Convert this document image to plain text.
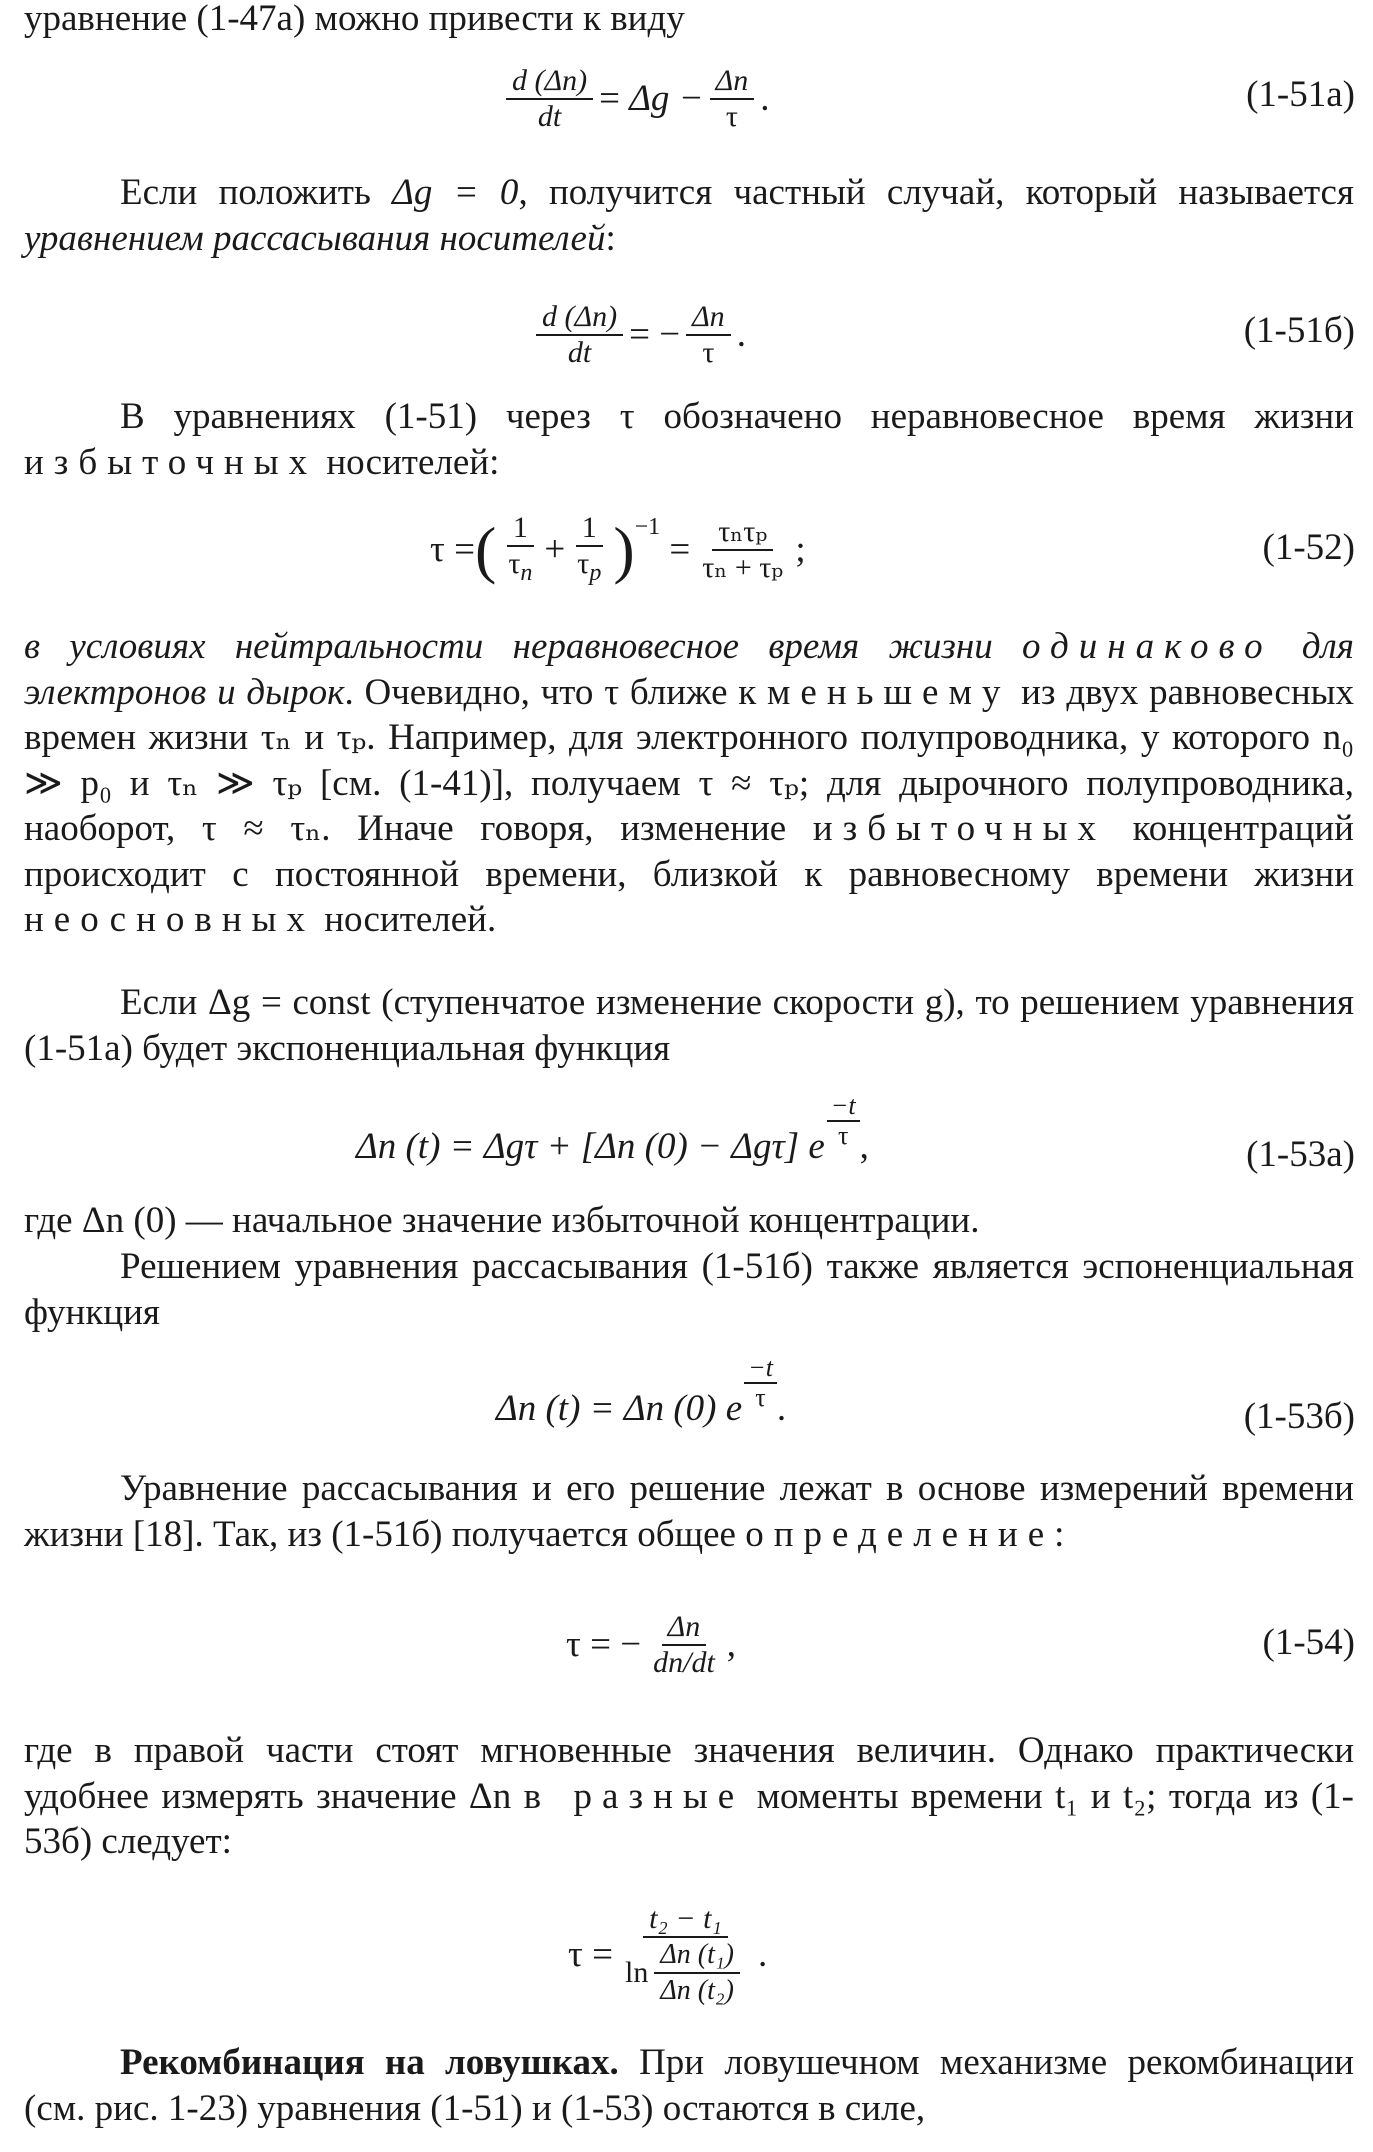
уравнение (1-47а) можно привести к виду

$\frac{d (\Delta n)}{dt}$ =
$\Delta g - \frac{\Delta n}{\tau}$ .	(1-51а)

Если положить Δg = 0, получится частный случай, который называется уравнением рассасывания носителей:

$\frac{d (\Delta n)}{dt}$ = − $\frac{\Delta n}{\tau}$ .	(1-51б)

В уравнениях (1-51) через τ обозначено неравновесное время жизни избыточных носителей:

τ = ( $\frac{1}{\tau_n} + \frac{1}{\tau_p} )^{-1}$

= $\frac{\text{τₙτₚ}}{\text{τₙ + τₚ}}$ ;	(1-52)

в условиях нейтральности неравновесное время жизни одинаково для электронов и дырок. Очевидно, что τ ближе к меньшему из двух равновесных времен жизни τₙ и τₚ. Например, для электронного полупроводника, у которого n₀ ≫ p₀ и τₙ ≫ τₚ [см. (1-41)], получаем τ ≈ τₚ; для дырочного полупроводника, наоборот, τ ≈ τₙ. Иначе говоря, изменение избыточных концентраций происходит с постоянной времени, близкой к равновесному времени жизни неосновных носителей.

Если Δg = const (ступенчатое изменение скорости g), то решением уравнения (1-51а) будет экспоненциальная функция

Δn (t) = Δgτ + [Δn (0) − Δgτ] e
−t
τ ,	(1-53а)

где Δn (0) — начальное значение избыточной концентрации.

Решением уравнения рассасывания (1-51б) также является эспоненциальная функция

Δn (t) = Δn (0) e
−t
τ .	(1-53б)

Уравнение рассасывания и его решение лежат в основе измерений времени жизни [18]. Так, из (1-51б) получается общее определение:

τ = − $\frac{\Delta n}{dn/dt}$ ,	(1-54)

где в правой части стоят мгновенные значения величин. Однако практически удобнее измерять значение Δn в разные моменты времени t₁ и t₂; тогда из (1-53б) следует:

$\tau = \frac{\text{t₂ − t₁}}{\ln \frac{\text{Δn (t₁)}}{\text{Δn (t₂)}}}$ .

Рекомбинация на ловушках. При ловушечном механизме рекомбинации (см. рис. 1-23) уравнения (1-51) и (1-53) остаются в силе,
